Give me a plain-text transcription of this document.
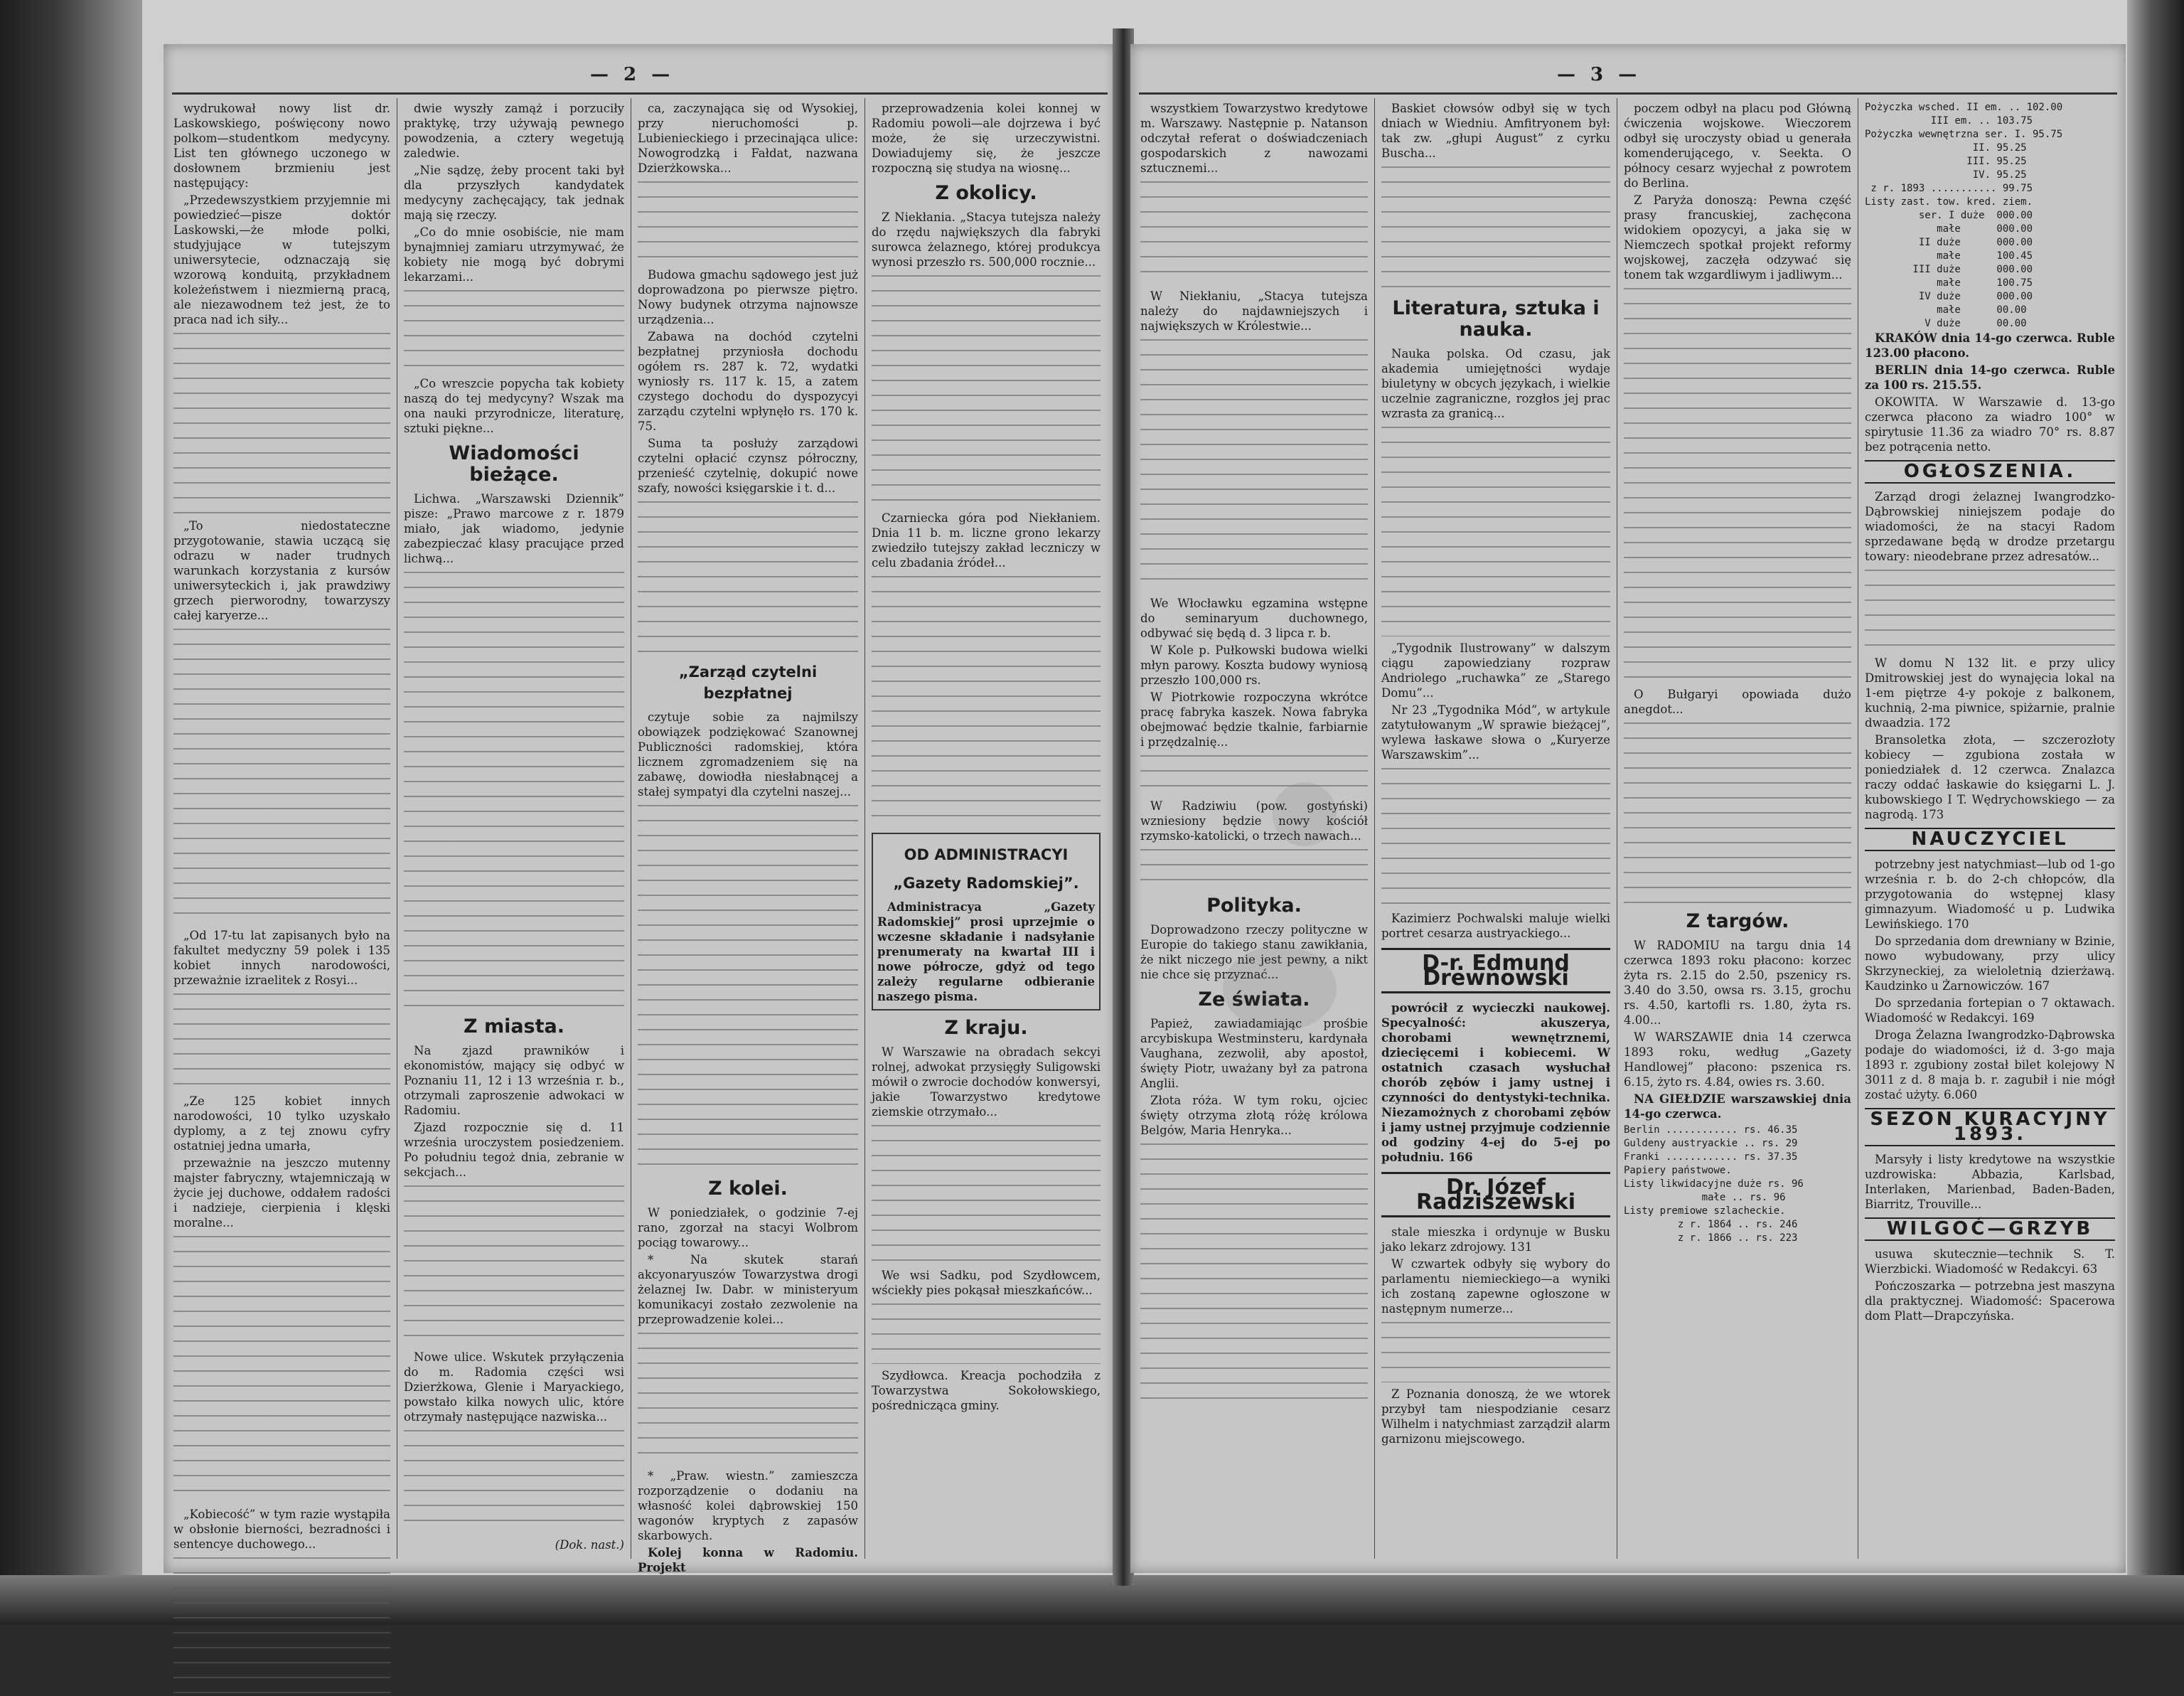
— 2 —

wydrukował nowy list dr. Laskowskiego, poświęcony nowo polkom—studentkom medycyny. List ten głównego uczonego w dosłownem brzmieniu jest następujący:

„Przedewszystkiem przyjemnie mi powiedzieć—pisze doktór Laskowski,—że młode polki, studyjujące w tutejszym uniwersytecie, odznaczają się wzorową konduitą, przykładnem koleżeństwem i niezmierną pracą, ale niezawodnem też jest, że to praca nad ich siły...

„To niedostateczne przygotowanie, stawia uczącą się odrazu w nader trudnych warunkach korzystania z kursów uniwersyteckich i, jak prawdziwy grzech pierworodny, towarzyszy całej karyerze...

„Od 17-tu lat zapisanych było na fakultet medyczny 59 polek i 135 kobiet innych narodowości, przeważnie izraelitek z Rosyi...

„Ze 125 kobiet innych narodowości, 10 tylko uzyskało dyplomy, a z tej znowu cyfry ostatniej jedna umarła,

przeważnie na jeszczo mutenny majster fabryczny, wtajemniczają w życie jej duchowe, oddałem radości i nadzieje, cierpienia i klęski moralne...

„Kobiecość” w tym razie wystąpiła w obsłonie bierności, bezradności i sentencye duchowego...

dwie wyszły zamąż i porzuciły praktykę, trzy używają pewnego powodzenia, a cztery wegetują zaledwie.

„Nie sądzę, żeby procent taki był dla przyszłych kandydatek medycyny zachęcający, tak jednak mają się rzeczy.

„Co do mnie osobiście, nie mam bynajmniej zamiaru utrzymywać, że kobiety nie mogą być dobrymi lekarzami...

„Co wreszcie popycha tak kobiety naszą do tej medycyny? Wszak ma ona nauki przyrodnicze, literaturę, sztuki piękne...

Wiadomości bieżące.

Lichwa. „Warszawski Dziennik” pisze: „Prawo marcowe z r. 1879 miało, jak wiadomo, jedynie zabezpieczać klasy pracujące przed lichwą...

Z miasta.

Na zjazd prawników i ekonomistów, mający się odbyć w Poznaniu 11, 12 i 13 września r. b., otrzymali zaproszenie adwokaci w Radomiu.

Zjazd rozpocznie się d. 11 września uroczystem posiedzeniem. Po południu tegoż dnia, zebranie w sekcjach...

Nowe ulice. Wskutek przyłączenia do m. Radomia części wsi Dzierżkowa, Glenie i Maryackiego, powstało kilka nowych ulic, które otrzymały następujące nazwiska...

(Dok. nast.)

ca, zaczynająca się od Wysokiej, przy nieruchomości p. Lubienieckiego i przecinająca ulice: Nowogrodzką i Fałdat, nazwana Dzierżkowska...

Budowa gmachu sądowego jest już doprowadzona po pierwsze piętro. Nowy budynek otrzyma najnowsze urządzenia...

Zabawa na dochód czytelni bezpłatnej przyniosła dochodu ogółem rs. 287 k. 72, wydatki wyniosły rs. 117 k. 15, a zatem czystego dochodu do dyspozycyi zarządu czytelni wpłynęło rs. 170 k. 75.

Suma ta posłuży zarządowi czytelni opłacić czynsz półroczny, przenieść czytelnię, dokupić nowe szafy, nowości księgarskie i t. d...

„Zarząd czytelni bezpłatnej

czytuje sobie za najmilszy obowiązek podziękować Szanownej Publiczności radomskiej, która licznem zgromadzeniem się na zabawę, dowiodła niesłabnącej a stałej sympatyi dla czytelni naszej...

Z kolei.

W poniedziałek, o godzinie 7-ej rano, zgorzał na stacyi Wolbrom pociąg towarowy...

* Na skutek starań akcyonaryuszów Towarzystwa drogi żelaznej Iw. Dabr. w ministeryum komunikacyi zostało zezwolenie na przeprowadzenie kolei...

* „Praw. wiestn.” zamieszcza rozporządzenie o dodaniu na własność kolei dąbrowskiej 150 wagonów kryptych z zapasów skarbowych.

Kolej konna w Radomiu. Projekt

przeprowadzenia kolei konnej w Radomiu powoli—ale dojrzewa i być może, że się urzeczywistni. Dowiadujemy się, że jeszcze rozpoczną się studya na wiosnę...

Z okolicy.

Z Niekłania. „Stacya tutejsza należy do rzędu największych dla fabryki surowca żelaznego, której produkcya wynosi przeszło rs. 500,000 rocznie...

Czarniecka góra pod Niekłaniem. Dnia 11 b. m. liczne grono lekarzy zwiedziło tutejszy zakład leczniczy w celu zbadania źródeł...

OD ADMINISTRACYI
„Gazety Radomskiej”.

Administracya „Gazety Radomskiej” prosi uprzejmie o wczesne składanie i nadsyłanie prenumeraty na kwartał III i nowe półrocze, gdyż od tego zależy regularne odbieranie naszego pisma.

Z kraju.

W Warszawie na obradach sekcyi rolnej, adwokat przysięgły Suligowski mówił o zwrocie dochodów konwersyi, jakie Towarzystwo kredytowe ziemskie otrzymało...

We wsi Sadku, pod Szydłowcem, wściekły pies pokąsał mieszkańców...

Szydłowca. Kreacja pochodziła z Towarzystwa Sokołowskiego, pośrednicząca gminy.

— 3 —

wszystkiem Towarzystwo kredytowe m. Warszawy. Następnie p. Natanson odczytał referat o doświadczeniach gospodarskich z nawozami sztucznemi...

W Niekłaniu, „Stacya tutejsza należy do najdawniejszych i największych w Królestwie...

We Włocławku egzamina wstępne do seminaryum duchownego, odbywać się będą d. 3 lipca r. b.

W Kole p. Pułkowski budowa wielki młyn parowy. Koszta budowy wyniosą przeszło 100,000 rs.

W Piotrkowie rozpoczyna wkrótce pracę fabryka kaszek. Nowa fabryka obejmować będzie tkalnie, farbiarnie i przędzalnię...

W Radziwiu (pow. gostyński) wzniesiony będzie nowy kościół rzymsko-katolicki, o trzech nawach...

Polityka.

Doprowadzono rzeczy polityczne w Europie do takiego stanu zawikłania, że nikt niczego nie jest pewny, a nikt nie chce się przyznać...

Ze świata.

Papież, zawiadamiając prośbie arcybiskupa Westminsteru, kardynała Vaughana, zezwolił, aby apostoł, święty Piotr, uważany był za patrona Anglii.

Złota róża. W tym roku, ojciec święty otrzyma złotą różę królowa Belgów, Maria Henryka...

Baskiet cłowsów odbył się w tych dniach w Wiedniu. Amfitryonem był: tak zw. „głupi August” z cyrku Buscha...

Literatura, sztuka i nauka.

Nauka polska. Od czasu, jak akademia umiejętności wydaje biuletyny w obcych językach, i wielkie uczelnie zagraniczne, rozgłos jej prac wzrasta za granicą...

„Tygodnik Ilustrowany” w dalszym ciągu zapowiedziany rozpraw Andriolego „ruchawka” ze „Starego Domu”...

Nr 23 „Tygodnika Mód”, w artykule zatytułowanym „W sprawie bieżącej”, wylewa łaskawe słowa o „Kuryerze Warszawskim”...

Kazimierz Pochwalski maluje wielki portret cesarza austryackiego...

D-r. Edmund Drewnowski

powrócił z wycieczki naukowej. Specyalność: akuszerya, chorobami wewnętrznemi, dziecięcemi i kobiecemi. W ostatnich czasach wysłuchał chorób zębów i jamy ustnej i czynności do dentystyki-technika. Niezamożnych z chorobami zębów i jamy ustnej przyjmuje codziennie od godziny 4-ej do 5-ej po południu. 166

Dr. Józef Radziszewski

stale mieszka i ordynuje w Busku jako lekarz zdrojowy. 131

W czwartek odbyły się wybory do parlamentu niemieckiego—a wyniki ich zostaną zapewne ogłoszone w następnym numerze...

Z Poznania donoszą, że we wtorek przybył tam niespodzianie cesarz Wilhelm i natychmiast zarządził alarm garnizonu miejscowego.

poczem odbył na placu pod Główną ćwiczenia wojskowe. Wieczorem odbył się uroczysty obiad u generała komenderującego, v. Seekta. O północy cesarz wyjechał z powrotem do Berlina.

Z Paryża donoszą: Pewna część prasy francuskiej, zachęcona widokiem opozycyi, a jaka się w Niemczech spotkał projekt reformy wojskowej, zaczęła odzywać się tonem tak wzgardliwym i jadliwym...

O Bułgaryi opowiada dużo anegdot...

Z targów.

W RADOMIU na targu dnia 14 czerwca 1893 roku płacono: korzec żyta rs. 2.15 do 2.50, pszenicy rs. 3.40 do 3.50, owsa rs. 3.15, grochu rs. 4.50, kartofli rs. 1.80, żyta rs. 4.00...

W WARSZAWIE dnia 14 czerwca 1893 roku, według „Gazety Handlowej” płacono: pszenica rs. 6.15, żyto rs. 4.84, owies rs. 3.60.

NA GIEŁDZIE warszawskiej dnia 14-go czerwca.

Berlin ............ rs. 46.35
Guldeny austryackie .. rs. 29
Franki ............ rs. 37.35
Papiery państwowe.
Listy likwidacyjne duże rs. 96
małe .. rs. 96
Listy premiowe szlacheckie.
z r. 1864 .. rs. 246
z r. 1866 .. rs. 223
Pożyczka wsched. II em. .. 102.00
III em. .. 103.75
Pożyczka wewnętrzna ser. I. 95.75
II. 95.25
III. 95.25
IV. 95.25
z r. 1893 ........... 99.75
Listy zast. tow. kred. ziem.
ser. I duże  000.00
małe      000.00
II duże      000.00
małe      100.45
III duże      000.00
małe      100.75
IV duże      000.00
małe      00.00
V duże      00.00

KRAKÓW dnia 14-go czerwca. Ruble 123.00 płacono.

BERLIN dnia 14-go czerwca. Ruble za 100 rs. 215.55.

OKOWITA. W Warszawie d. 13-go czerwca płacono za wiadro 100° w spirytusie 11.36 za wiadro 70° rs. 8.87 bez potrącenia netto.

OGŁOSZENIA.

Zarząd drogi żelaznej Iwangrodzko-Dąbrowskiej niniejszem podaje do wiadomości, że na stacyi Radom sprzedawane będą w drodze przetargu towary: nieodebrane przez adresatów...

W domu N 132 lit. e przy ulicy Dmitrowskiej jest do wynajęcia lokal na 1-em piętrze 4-y pokoje z balkonem, kuchnią, 2-ma piwnice, spiżarnie, pralnie dwaadzia. 172

Bransoletka złota, — szczerozłoty kobiecy — zgubiona została w poniedziałek d. 12 czerwca. Znalazca raczy oddać łaskawie do księgarni L. J. kubowskiego I T. Wędrychowskiego — za nagrodą. 173

NAUCZYCIEL

potrzebny jest natychmiast—lub od 1-go września r. b. do 2-ch chłopców, dla przygotowania do wstępnej klasy gimnazyum. Wiadomość u p. Ludwika Lewińskiego. 170

Do sprzedania dom drewniany w Bzinie, nowo wybudowany, przy ulicy Skrzyneckiej, za wieloletnią dzierżawą. Kaudzinko u Żarnowiczów. 167

Do sprzedania fortepian o 7 oktawach. Wiadomość w Redakcyi. 169

Droga Żelazna Iwangrodzko-Dąbrowska podaje do wiadomości, iż d. 3-go maja 1893 r. zgubiony został bilet kolejowy N 3011 z d. 8 maja b. r. zagubił i nie mógł zostać użyty. 6.060

SEZON KURACYJNY 1893.

Marsyły i listy kredytowe na wszystkie uzdrowiska: Abbazia, Karlsbad, Interlaken, Marienbad, Baden-Baden, Biarritz, Trouville...

WILGOĆ—GRZYB

usuwa skutecznie—technik S. T. Wierzbicki. Wiadomość w Redakcyi. 63

Pończoszarka — potrzebna jest maszyna dla praktycznej. Wiadomość: Spacerowa dom Platt—Drapczyńska.
